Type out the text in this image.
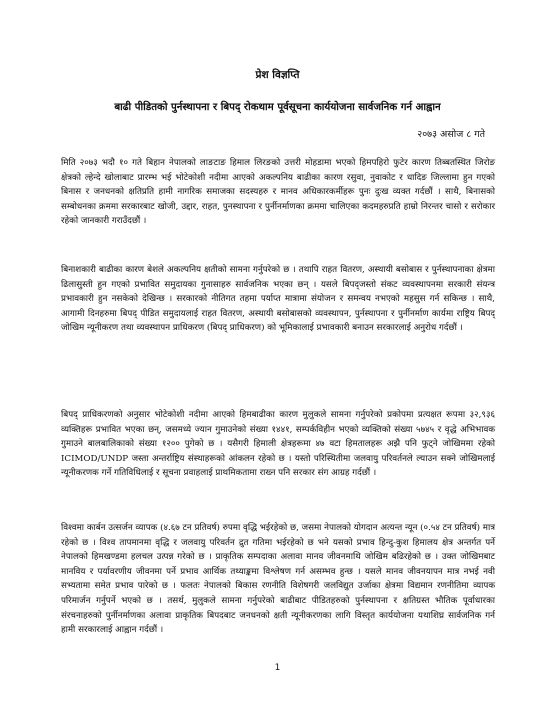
प्रेश विज्ञप्ति
बाढी पीडितको पुर्नस्थापना र बिपद् रोकथाम पूर्वसूचना कार्ययोजना सार्वजनिक गर्न आह्वान
२०७३ असोज ८ गते
मिति २०७३ भदौ १० गते बिहान नेपालको लाङटाङ हिमाल लिरङको उत्तरी मोहडामा भएको हिमपहिरो फुटेर कारण तिब्बतस्थित जिरोङ क्षेत्रको ल्हेन्दे खोलाबाट प्रारम्भ भई भोटेकोशी नदीमा आएको अकल्पनिय बाढीका कारण रसुवा, नुवाकोट र धादिङ जिल्लामा हुन गएको बिनास र जनधनको क्षतिप्रति हामी नागरिक समाजका सदस्यहरु र मानव अधिकारकर्मीहरू पुनः दुःख व्यक्त गर्दछौं । साथै, बिनासको सम्बोधनका क्रममा सरकारबाट खोजी, उद्दार, राहत, पुनस्थापना र पुर्नीनर्माणका क्रममा चालिएका कदमहरुप्रति हाम्रो निरन्तर चासो र सरोकार रहेको जानकारी गराउँदछौं ।
बिनाशकारी बाढीका कारण बेशले अकल्पनिय क्षतीको सामना गर्नुपरेको छ । तथापि राहत वितरण, अस्थायी बसोबास र पुर्नस्थापनाका क्षेत्रमा ढिलासुस्ती हुन गएको प्रभावित समुदायका गुनासाहरु सार्वजनिक भएका छन् । यसले बिपद्जस्तो संकट व्यवस्थापनमा सरकारी संयन्त्र प्रभावकारी हुन नसकेको देखिन्छ । सरकारको नीतिगत तहमा पर्याप्त मात्रामा संयोजन र समन्वय नभएको महसुस गर्न सकिन्छ । साथै, आगामी दिनहरुमा बिपद् पीडित समुदायलाई राहत वितरण, अस्थायी बसोबासको व्यवस्थापन, पुर्नस्थापना र पुर्नीनर्माण कार्यमा राष्ट्रिय बिपद् जोखिम न्यूनीकरण तथा व्यवस्थापन प्राधिकरण (बिपद् प्राधिकरण) को भूमिकालाई प्रभावकारी बनाउन सरकारलाई अनुरोध गर्दछौं ।
बिपद् प्राधिकरणको अनुसार भोटेकोशी नदीमा आएको हिमबाढीका कारण मुलुकले सामना गर्नुपरेको प्रकोपमा प्रत्यक्षत रूपमा ३२,९३६ व्यक्तिहरू प्रभावित भएका छन्, जसमध्ये ज्यान गुमाउनेको संख्या १४४१, सम्पर्कविहीन भएको व्यक्तिको संख्या ५७४५ र वृद्धे अभिभावक गुमाउने बालबालिकाको संख्या १२०० पुगेको छ । यसैगरी हिमाली क्षेत्रहरूमा ४७ वटा हिमतालहरू अझै पनि फुट्ने जोखिममा रहेको ICIMOD/UNDP जस्ता अन्तर्राष्ट्रिय संस्थाहरूको आंकलन रहेको छ । यस्तो परिस्थितीमा जलवायु परिवर्तनले ल्याउन सक्ने जोखिमलाई न्यूनीकरणक गर्ने गतिविधिलाई र सूचना प्रवाहलाई प्राथमिकतामा राख्न पनि सरकार संग आग्रह गर्दछौं ।
विश्वमा कार्बन उत्सर्जन व्यापक (४.६७ टन प्रतिवर्ष) रुपमा वृद्धि भईरहेको छ, जसमा नेपालको योगदान अत्यन्त न्यून (०.५४ टन प्रतिवर्ष) मात्र रहेको छ । विश्व तापमानमा वृद्धि र जलवायु परिवर्तन द्रुत गतिमा भईरहेको छ भने यसको प्रभाव हिन्दु-कुश हिमालय क्षेत्र अन्तर्गत पर्ने नेपालको हिमखण्डमा हलचल उत्पन्न गरेको छ । प्राकृतिक सम्पदाका अलावा मानव जीवनमाथि जोखिम बढिरहेको छ । उक्त जोखिमबाट मानविय र पर्यावरणीय जीवनमा पर्ने प्रभाव आर्थिक तथ्याङ्कमा विश्लेषण गर्न असम्भव हुन्छ । यसले मानव जीवनयापन मात्र नभई नवी सभ्यतामा समेत प्रभाव पारेको छ । फलतः नेपालको बिकास रणनीति विशेषगरी जलविद्युत उर्जाका क्षेत्रमा विद्यमान रणनीतिमा व्यापक परिमार्जन गर्नुपर्ने भएको छ । तसर्थ, मुलुकले सामना गर्नुपरेको बाढीबाट पीडितहरुको पुर्नस्थापना र क्षतिग्रस्त भौतिक पूर्वाधारका संरचनाहरुको पुर्नीनर्माणका अलावा प्राकृतिक बिपदबाट जनधनको क्षती न्यूनीकरणका लागि विस्तृत कार्ययोजना यथाशिघ्र सार्वजनिक गर्न हामी सरकारलाई आह्वान गर्दछौं ।
1
